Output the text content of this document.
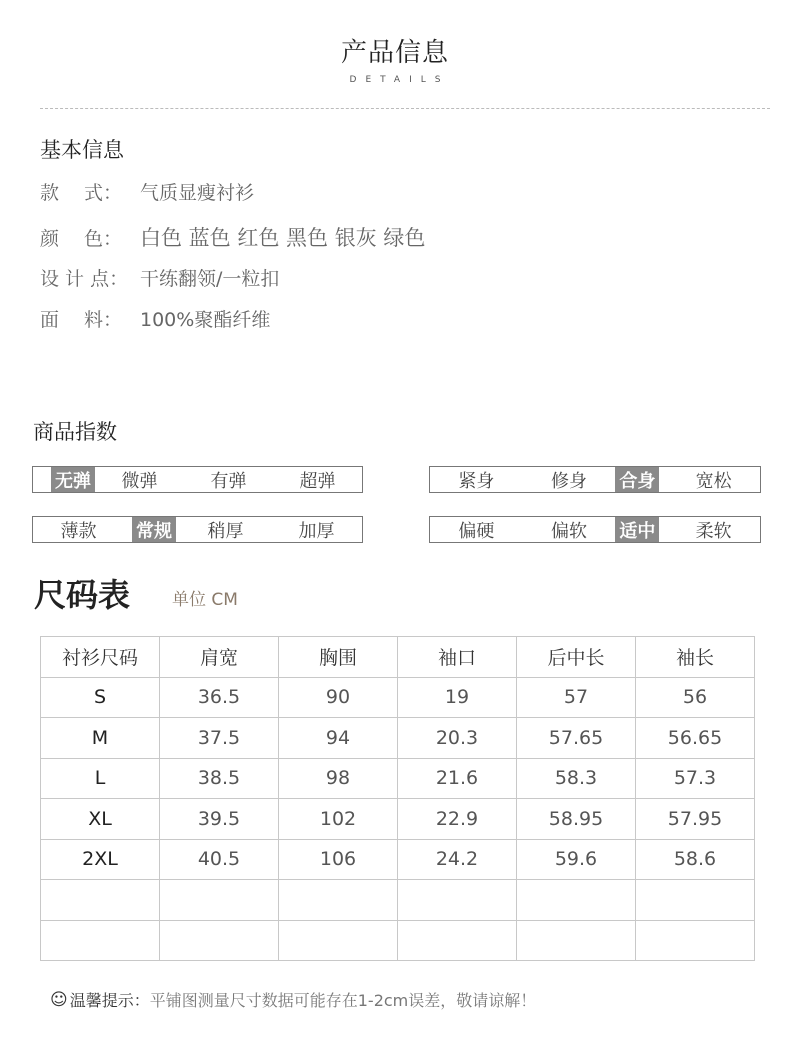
产品信息
DETAILS
基本信息
款　 式： 气质显瘦衬衫
颜　 色： 白色 蓝色 红色 黑色 银灰 绿色
设 计 点： 干练翻领/一粒扣
面　 料： 100%聚酯纤维
商品指数
无弹	微弹	有弹	超弹	紧身	修身	合身	宽松
薄款	常规	稍厚	加厚	偏硬	偏软	适中	柔软
尺码表 单位 CM
衬衫尺码	肩宽	胸围	袖口	后中长	袖长
S	36.5	90	19	57	56
M	37.5	94	20.3	57.65	56.65
L	38.5	98	21.6	58.3	57.3
XL	39.5	102	22.9	58.95	57.95
2XL	40.5	106	24.2	59.6	58.6

☺ 温馨提示： 平铺图测量尺寸数据可能存在1-2cm误差，敬请谅解！
